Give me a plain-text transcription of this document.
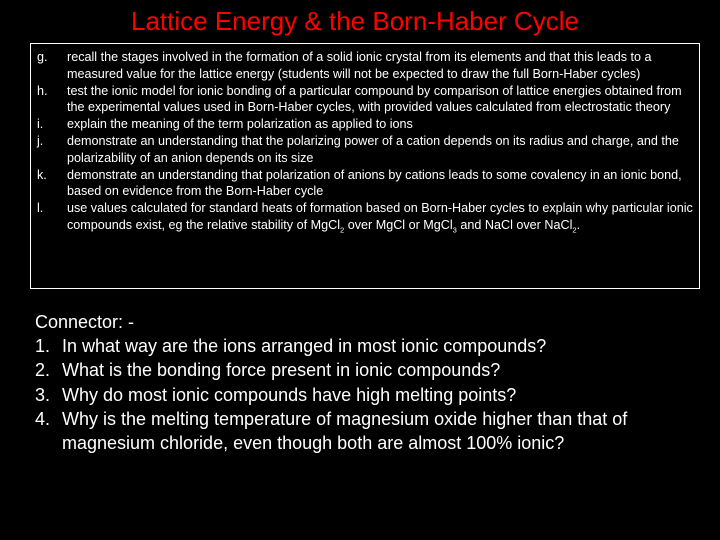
Lattice Energy & the Born-Haber Cycle
g.	recall the stages involved in the formation of a solid ionic crystal from its elements and that this leads to a measured value for the lattice energy (students will not be expected to draw the full Born-Haber cycles)
h.	test the ionic model for ionic bonding of a particular compound by comparison of lattice energies obtained from the experimental values used in Born-Haber cycles, with provided values calculated from electrostatic theory
i.	explain the meaning of the term polarization as applied to ions
j.	demonstrate an understanding that the polarizing power of a cation depends on its radius and charge, and the polarizability of an anion depends on its size
k.	demonstrate an understanding that polarization of anions by cations leads to some covalency in an ionic bond, based on evidence from the Born-Haber cycle
l.	use values calculated for standard heats of formation based on Born-Haber cycles to explain why particular ionic compounds exist, eg the relative stability of MgCl$_2$ over MgCl or MgCl$_3$ and NaCl over NaCl$_2$.

Connector: -

1. In what way are the ions arranged in most ionic compounds?
2. What is the bonding force present in ionic compounds?
3. Why do most ionic compounds have high melting points?
4. Why is the melting temperature of magnesium oxide higher than that of magnesium chloride, even though both are almost 100% ionic?
